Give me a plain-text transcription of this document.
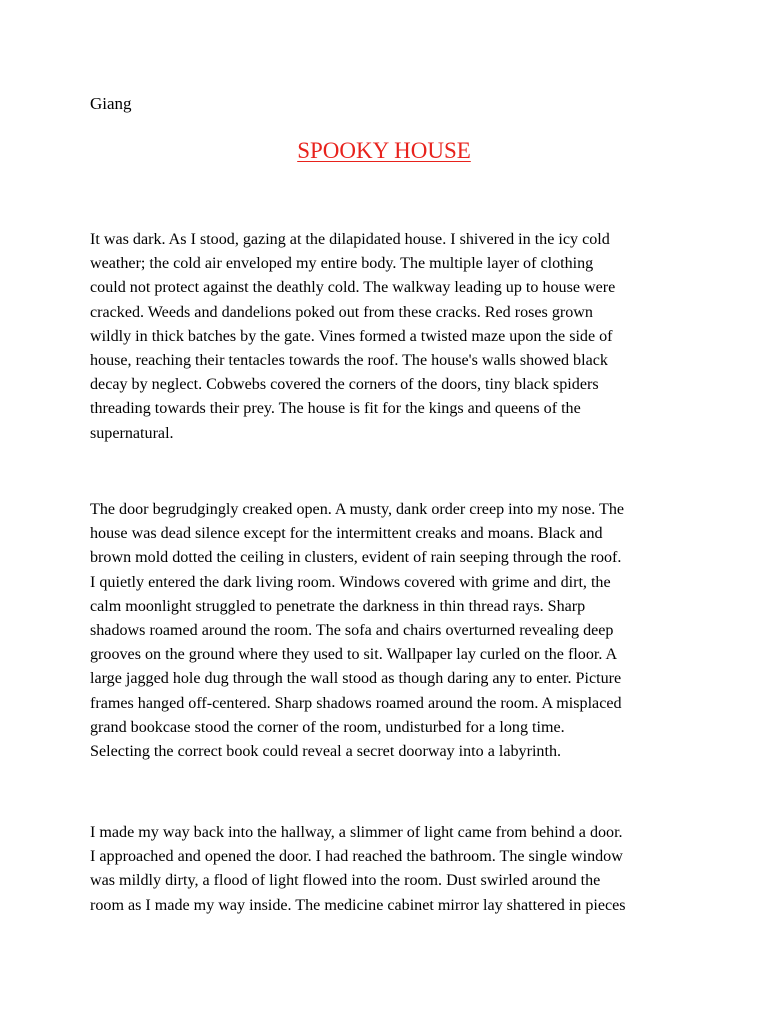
Giang

SPOOKY HOUSE

It was dark. As I stood, gazing at the dilapidated house. I shivered in the icy cold
weather; the cold air enveloped my entire body. The multiple layer of clothing
could not protect against the deathly cold. The walkway leading up to house were
cracked. Weeds and dandelions poked out from these cracks. Red roses grown
wildly in thick batches by the gate. Vines formed a twisted maze upon the side of
house, reaching their tentacles towards the roof. The house's walls showed black
decay by neglect. Cobwebs covered the corners of the doors, tiny black spiders
threading towards their prey. The house is fit for the kings and queens of the
supernatural.

The door begrudgingly creaked open. A musty, dank order creep into my nose. The
house was dead silence except for the intermittent creaks and moans. Black and
brown mold dotted the ceiling in clusters, evident of rain seeping through the roof.
I quietly entered the dark living room. Windows covered with grime and dirt, the
calm moonlight struggled to penetrate the darkness in thin thread rays. Sharp
shadows roamed around the room. The sofa and chairs overturned revealing deep
grooves on the ground where they used to sit. Wallpaper lay curled on the floor. A
large jagged hole dug through the wall stood as though daring any to enter. Picture
frames hanged off-centered. Sharp shadows roamed around the room. A misplaced
grand bookcase stood the corner of the room, undisturbed for a long time.
Selecting the correct book could reveal a secret doorway into a labyrinth.

I made my way back into the hallway, a slimmer of light came from behind a door.
I approached and opened the door. I had reached the bathroom. The single window
was mildly dirty, a flood of light flowed into the room. Dust swirled around the
room as I made my way inside. The medicine cabinet mirror lay shattered in pieces
